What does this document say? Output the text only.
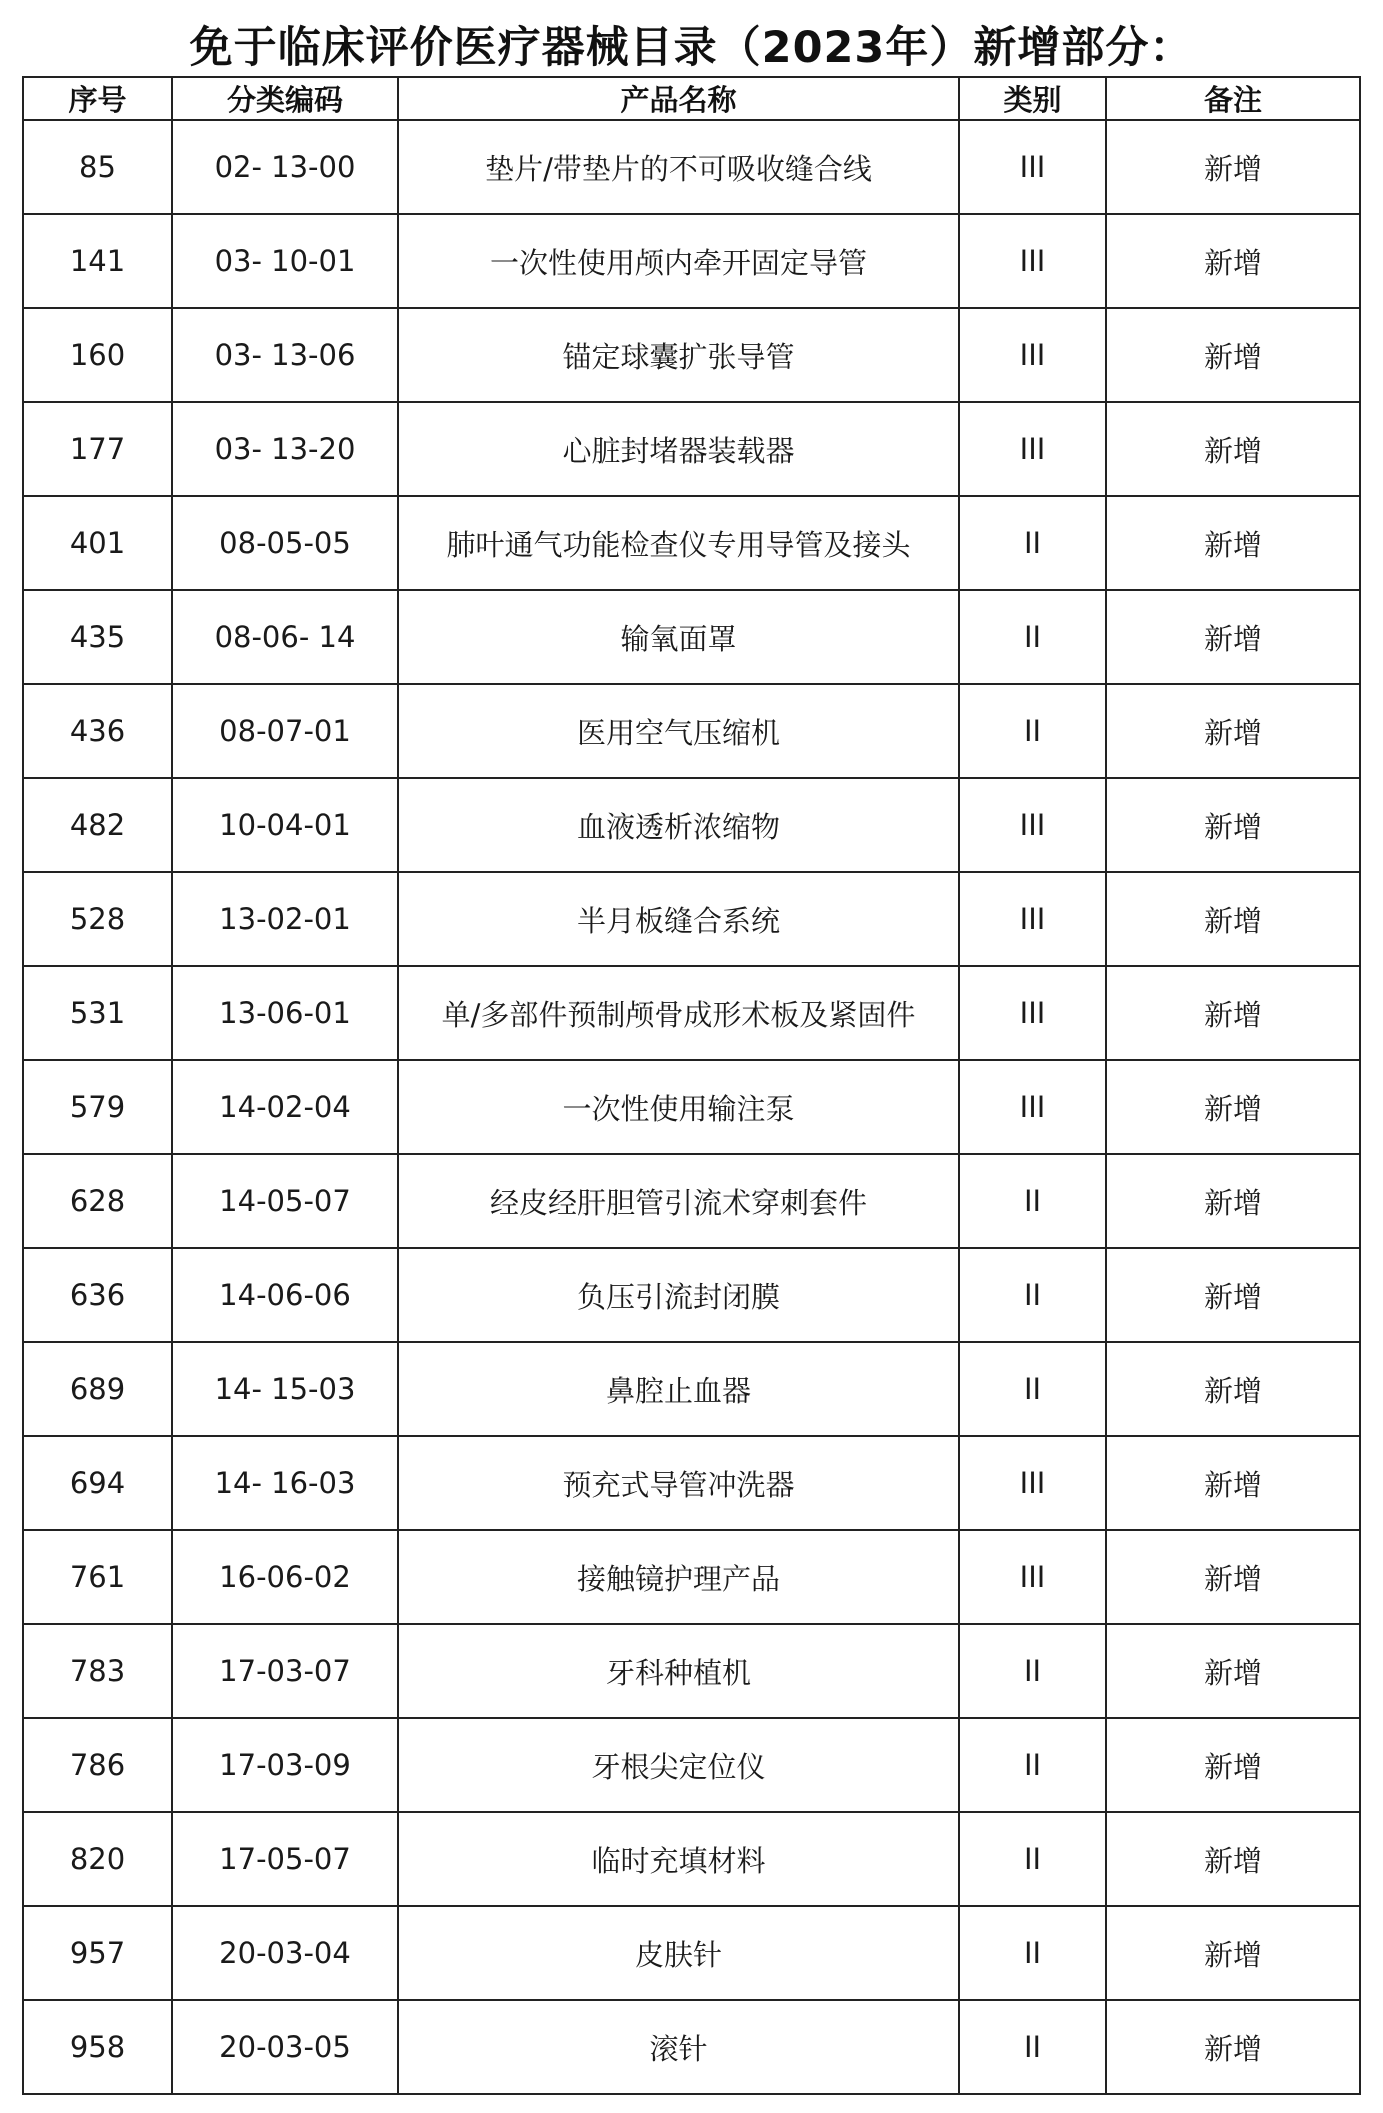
免于临床评价医疗器械目录（2023年）新增部分：
序号	分类编码	产品名称	类别	备注
85	02- 13-00	垫片/带垫片的不可吸收缝合线	III	新增
141	03- 10-01	一次性使用颅内牵开固定导管	III	新增
160	03- 13-06	锚定球囊扩张导管	III	新增
177	03- 13-20	心脏封堵器装载器	III	新增
401	08-05-05	肺叶通气功能检查仪专用导管及接头	II	新增
435	08-06- 14	输氧面罩	II	新增
436	08-07-01	医用空气压缩机	II	新增
482	10-04-01	血液透析浓缩物	III	新增
528	13-02-01	半月板缝合系统	III	新增
531	13-06-01	单/多部件预制颅骨成形术板及紧固件	III	新增
579	14-02-04	一次性使用输注泵	III	新增
628	14-05-07	经皮经肝胆管引流术穿刺套件	II	新增
636	14-06-06	负压引流封闭膜	II	新增
689	14- 15-03	鼻腔止血器	II	新增
694	14- 16-03	预充式导管冲洗器	III	新增
761	16-06-02	接触镜护理产品	III	新增
783	17-03-07	牙科种植机	II	新增
786	17-03-09	牙根尖定位仪	II	新增
820	17-05-07	临时充填材料	II	新增
957	20-03-04	皮肤针	II	新增
958	20-03-05	滚针	II	新增
